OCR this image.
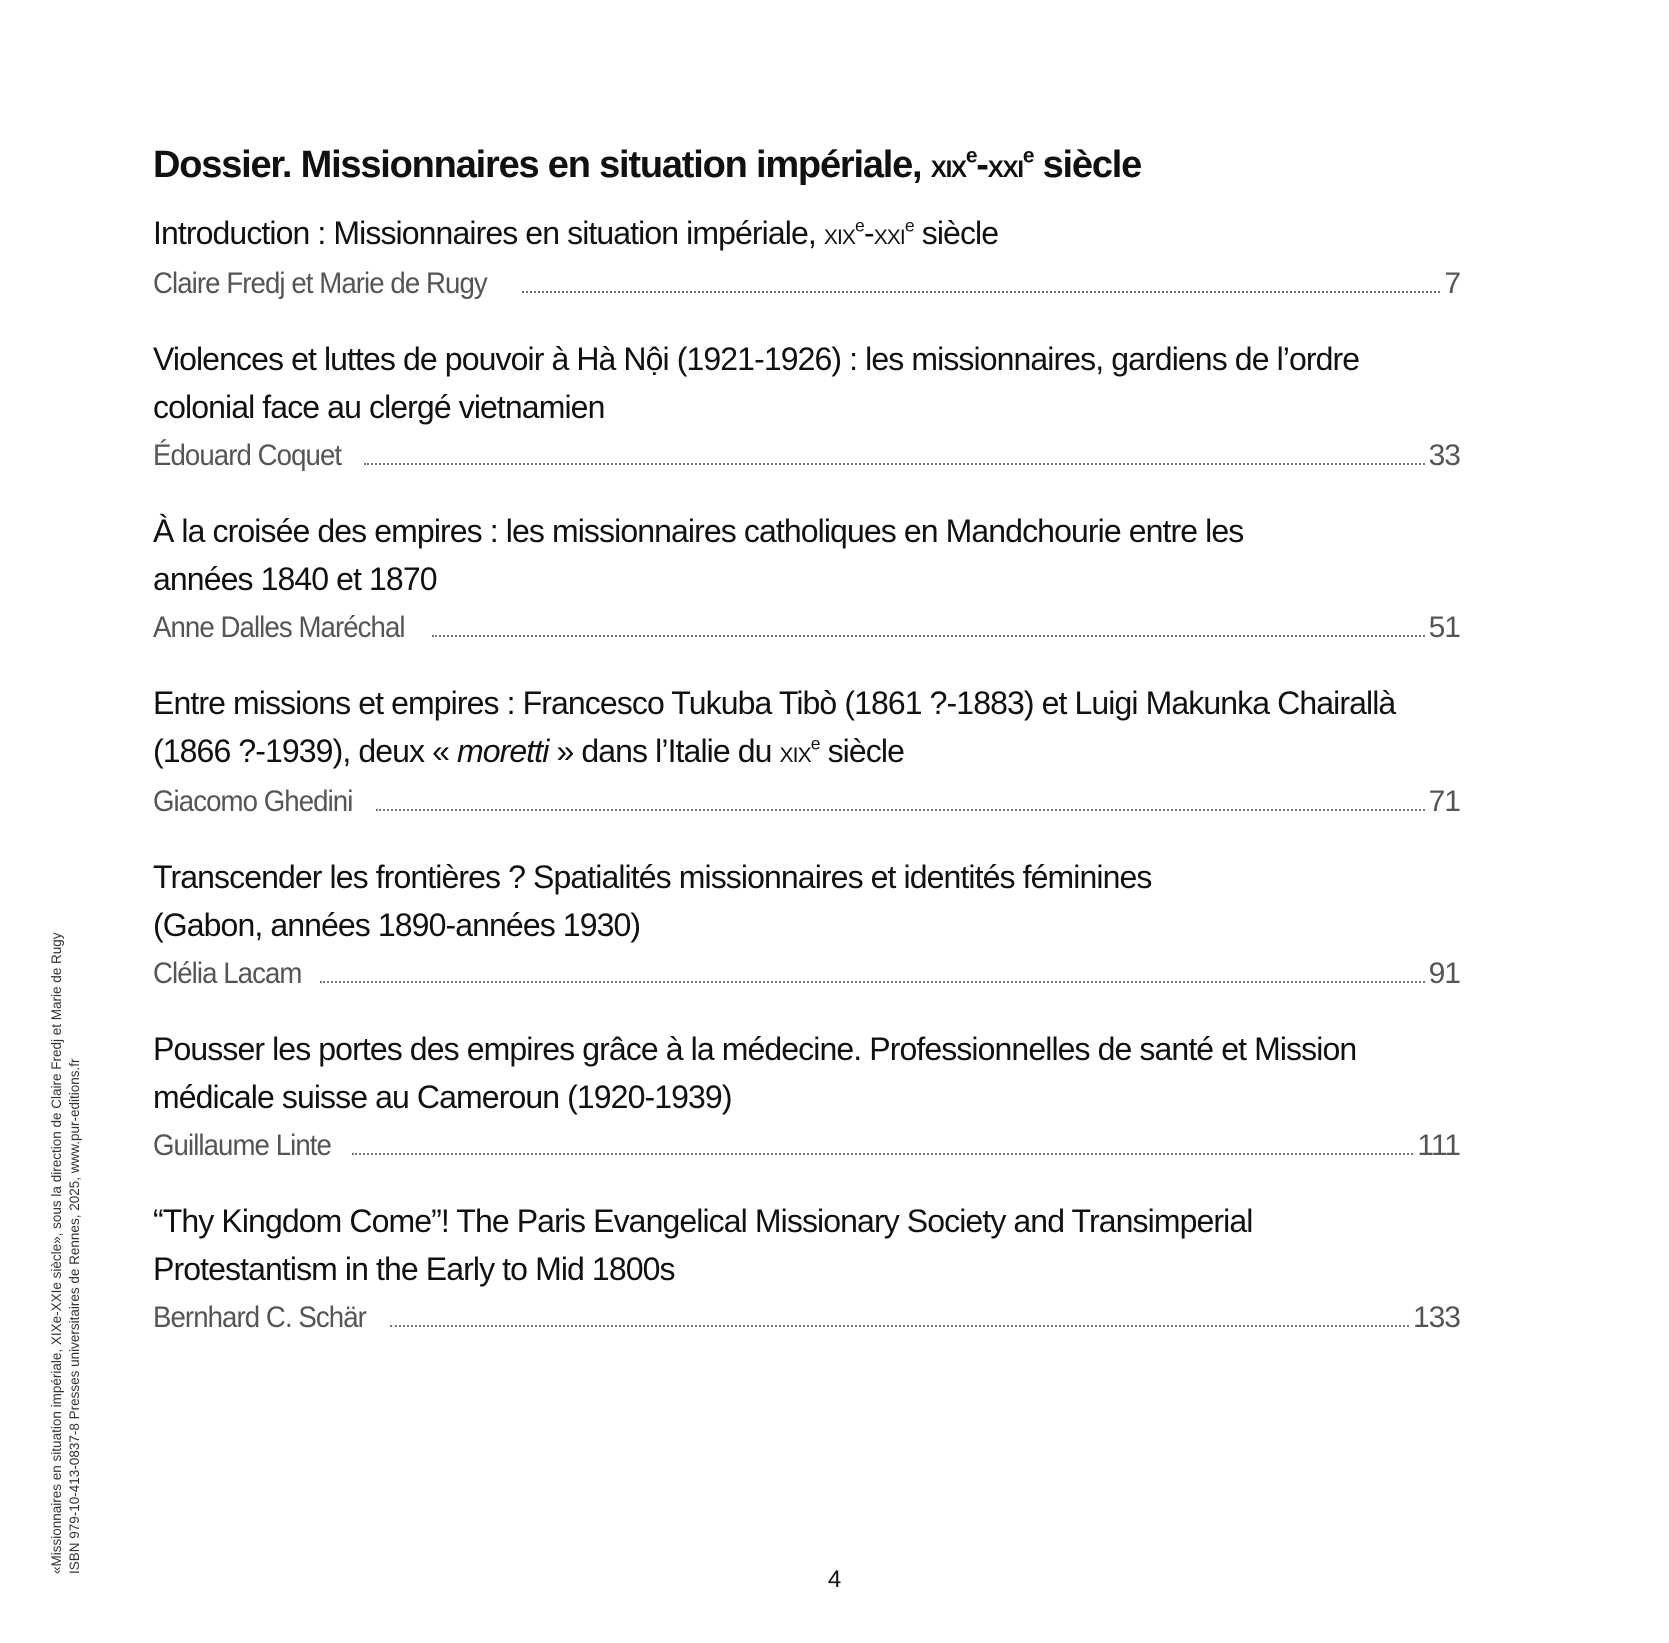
Dossier. Missionnaires en situation impériale, xix$^e$-xxi$^e$ siècle

Introduction : Missionnaires en situation impériale, xix$^e$-xxi$^e$ siècle

Claire Fredj et Marie de Rugy	7

Violences et luttes de pouvoir à Hà Nội (1921-1926) : les missionnaires, gardiens de l’ordre
colonial face au clergé vietnamien

Édouard Coquet	33

À la croisée des empires : les missionnaires catholiques en Mandchourie entre les
années 1840 et 1870

Anne Dalles Maréchal	51

Entre missions et empires : Francesco Tukuba Tibò (1861 ?-1883) et Luigi Makunka Chairallà
(1866 ?-1939), deux « moretti » dans l’Italie du xix$^e$ siècle

Giacomo Ghedini	71

Transcender les frontières ? Spatialités missionnaires et identités féminines
(Gabon, années 1890-années 1930)

Clélia Lacam	91

Pousser les portes des empires grâce à la médecine. Professionnelles de santé et Mission
médicale suisse au Cameroun (1920-1939)

Guillaume Linte	111

“Thy Kingdom Come”! The Paris Evangelical Missionary Society and Transimperial
Protestantism in the Early to Mid 1800s

Bernhard C. Schär	133
«Missionnaires en situation impériale, XIXe-XXIe siècle», sous la direction de Claire Fredj et Marie de Rugy ISBN 979-10-413-0837-8 Presses universitaires de Rennes, 2025, www.pur-editions.fr
4
